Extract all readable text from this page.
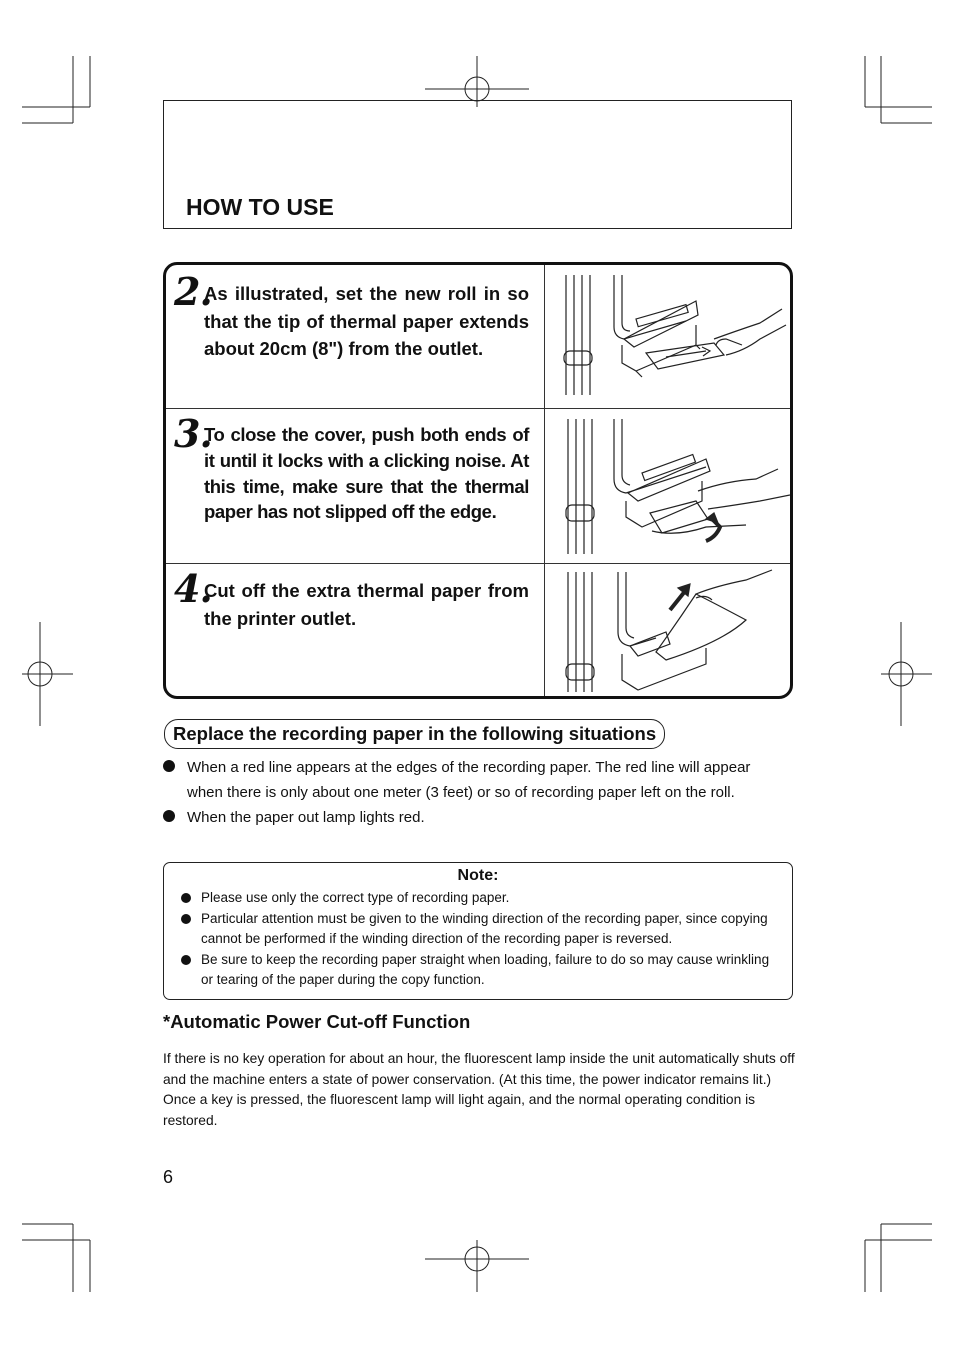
HOW TO USE
2.
As illustrated, set the new roll in so that the tip of thermal paper extends about 20cm (8") from the outlet.
3.
To close the cover, push both ends of it until it locks with a clicking noise. At this time, make sure that the thermal paper has not slipped off the edge.
4.
Cut off the extra thermal paper from the printer outlet.
Replace the recording paper in the following situations
When a red line appears at the edges of the recording paper. The red line will appear when there is only about one meter (3 feet) or so of recording paper left on the roll.
When the paper out lamp lights red.
Note:
Please use only the correct type of recording paper.
Particular attention must be given to the winding direction of the recording paper, since copying cannot be performed if the winding direction of the recording paper is reversed.
Be sure to keep the recording paper straight when loading, failure to do so may cause wrinkling or tearing of the paper during the copy function.
*Automatic Power Cut-off Function

If there is no key operation for about an hour, the fluorescent lamp inside the unit automatically shuts off and the machine enters a state of power conservation. (At this time, the power indicator remains lit.)

Once a key is pressed, the fluorescent lamp will light again, and the normal operating condition is restored.

6
